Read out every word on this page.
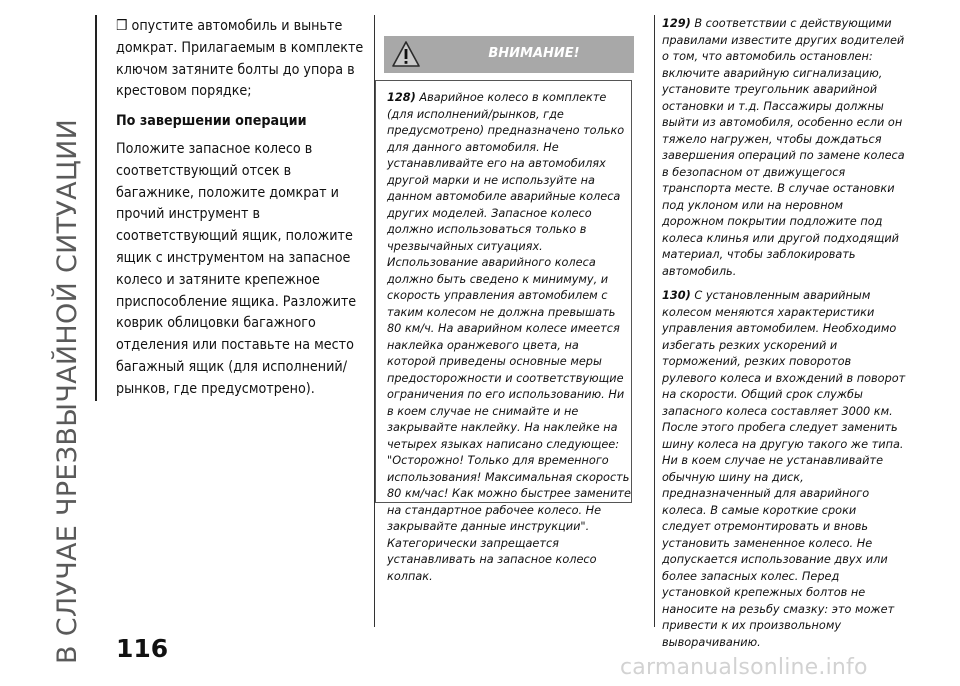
В СЛУЧАЕ ЧРЕЗВЫЧАЙНОЙ СИТУАЦИИ

❒ опустите автомобиль и выньте домкрат. Прилагаемым в комплекте ключом затяните болты до упора в крестовом порядке;

По завершении операции

Положите запасное колесо в соответствующий отсек в багажнике, положите домкрат и прочий инструмент в соответствующий ящик, положите ящик с инструментом на запасное колесо и затяните крепежное приспособление ящика. Разложите коврик облицовки багажного отделения или поставьте на место багажный ящик (для исполнений/ рынков, где предусмотрено).

ВНИМАНИЕ!

128) Аварийное колесо в комплекте (для исполнений/рынков, где предусмотрено) предназначено только для данного автомобиля. Не устанавливайте его на автомобилях другой марки и не используйте на данном автомобиле аварийные колеса других моделей. Запасное колесо должно использоваться только в чрезвычайных ситуациях. Использование аварийного колеса должно быть сведено к минимуму, и скорость управления автомобилем с таким колесом не должна превышать 80 км/ч. На аварийном колесе имеется наклейка оранжевого цвета, на которой приведены основные меры предосторожности и соответствующие ограничения по его использованию. Ни в коем случае не снимайте и не закрывайте наклейку. На наклейке на четырех языках написано следующее: "Осторожно! Только для временного использования! Максимальная скорость 80 км/час! Как можно быстрее замените на стандартное рабочее колесо. Не закрывайте данные инструкции". Категорически запрещается устанавливать на запасное колесо колпак.

129) В соответствии с действующими правилами известите других водителей о том, что автомобиль остановлен: включите аварийную сигнализацию, установите треугольник аварийной остановки и т.д. Пассажиры должны выйти из автомобиля, особенно если он тяжело нагружен, чтобы дождаться завершения операций по замене колеса в безопасном от движущегося транспорта месте. В случае остановки под уклоном или на неровном дорожном покрытии подложите под колеса клинья или другой подходящий материал, чтобы заблокировать автомобиль.

130) С установленным аварийным колесом меняются характеристики управления автомобилем. Необходимо избегать резких ускорений и торможений, резких поворотов рулевого колеса и вхождений в поворот на скорости. Общий срок службы запасного колеса составляет 3000 км. После этого пробега следует заменить шину колеса на другую такого же типа. Ни в коем случае не устанавливайте обычную шину на диск, предназначенный для аварийного колеса. В самые короткие сроки следует отремонтировать и вновь установить замененное колесо. Не допускается использование двух или более запасных колес. Перед установкой крепежных болтов не наносите на резьбу смазку: это может привести к их произвольному выворачиванию.

116
carmanualsonline.info
